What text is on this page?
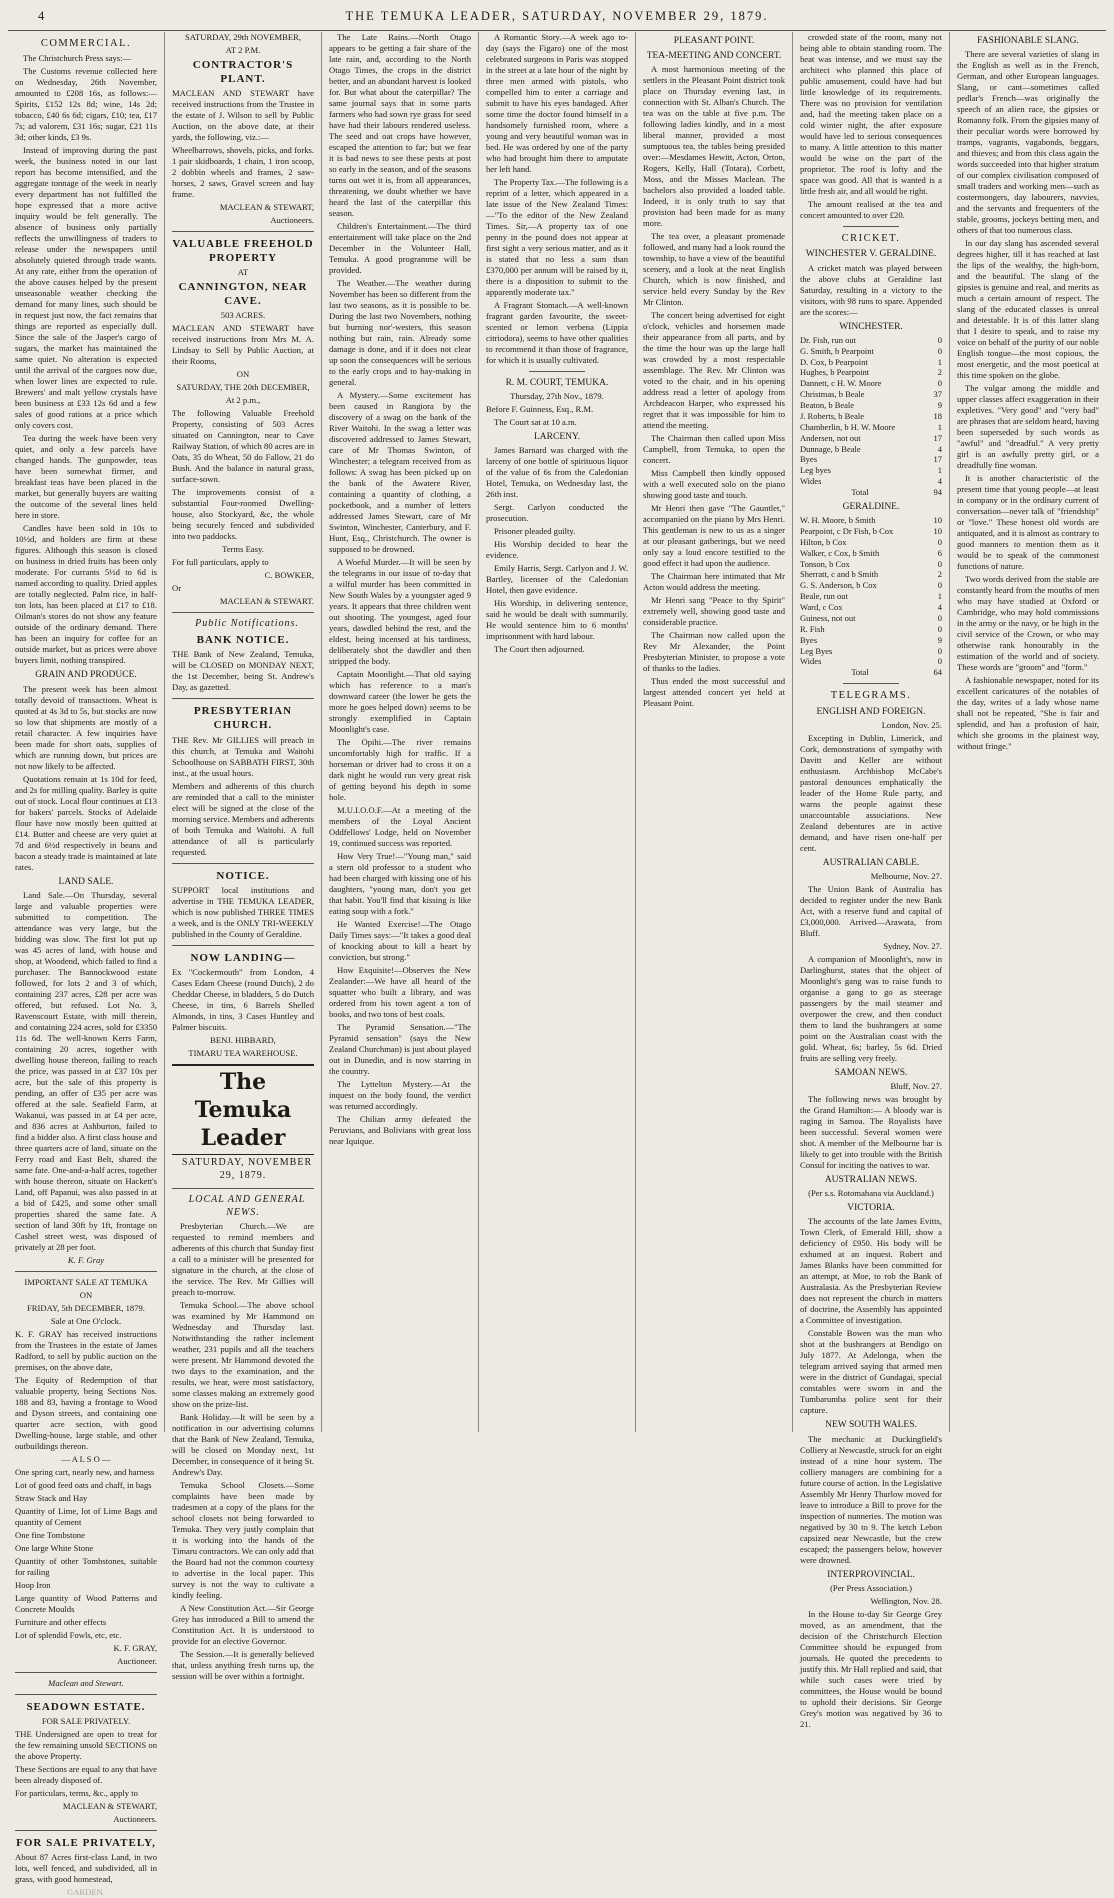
4	THE TEMUKA LEADER, SATURDAY, NOVEMBER 29, 1879.
COMMERCIAL.

The Christchurch Press says:—

The Customs revenue collected here on Wednesday, 26th November, amounted to £208 16s, as follows:—Spirits, £152 12s 8d; wine, 14s 2d; tobacco, £40 6s 6d; cigars, £10; tea, £17 7s; ad valorem, £31 16s; sugar, £21 11s 3d; other kinds, £3 9s.

Instead of improving during the past week, the business noted in our last report has become intensified, and the aggregate tonnage of the week in nearly every department has not fulfilled the hope expressed that a more active inquiry would be felt generally. The absence of business only partially reflects the unwillingness of traders to release under the newspapers until absolutely quieted through trade wants. At any rate, either from the operation of the above causes helped by the present unseasonable weather checking the demand for many lines, such should be in request just now, the fact remains that things are reported as especially dull. Since the sale of the Jasper's cargo of sugars, the market has maintained the same quiet. No alteration is expected until the arrival of the cargoes now due, when lower lines are expected to rule. Brewers' and malt yellow crystals have been business at £33 12s 6d and a few sales of good rations at a price which only covers cost.

Tea during the week have been very quiet, and only a few parcels have changed hands. The gunpowder, teas have been somewhat firmer, and breakfast teas have been placed in the market, but generally buyers are waiting the outcome of the several lines held here in store.

Candles have been sold in 10s to 10½d, and holders are firm at these figures. Although this season is closed on business in dried fruits has been only moderate. For currants 5½d to 6d is named according to quality. Dried apples are totally neglected. Palm rice, in half-ton lots, has been placed at £17 to £18. Oilman's stores do not show any feature outside of the ordinary demand. There has been an inquiry for coffee for an outside market, but as prices were above buyers limit, nothing transpired.

GRAIN AND PRODUCE.

The present week has been almost totally devoid of transactions. Wheat is quoted at 4s 3d to 5s, but stocks are now so low that shipments are mostly of a retail character. A few inquiries have been made for short oats, supplies of which are running down, but prices are not now likely to be affected.

Quotations remain at 1s 10d for feed, and 2s for milling quality. Barley is quite out of stock. Local flour continues at £13 for bakers' parcels. Stocks of Adelaide flour have now mostly been quitted at £14. Butter and cheese are very quiet at 7d and 6½d respectively in beans and bacon a steady trade is maintained at late rates.

LAND SALE.

Land Sale.—On Thursday, several large and valuable properties were submitted to competition. The attendance was very large, but the bidding was slow. The first lot put up was 45 acres of land, with house and shop, at Woodend, which failed to find a purchaser. The Bannockwood estate followed, for lots 2 and 3 of which, containing 237 acres, £28 per acre was offered, but refused. Lot No. 3, Ravenscourt Estate, with mill therein, and containing 224 acres, sold for £3350 11s 6d. The well-known Kerrs Farm, containing 20 acres, together with dwelling house thereon, failing to reach the price, was passed in at £37 10s per acre, but the sale of this property is pending, an offer of £35 per acre was offered at the sale. Seafield Farm, at Wakanui, was passed in at £4 per acre, and 836 acres at Ashburton, failed to find a bidder also. A first class house and three quarters acre of land, situate on the Ferry road and East Belt, shared the same fate. One-and-a-half acres, together with house thereon, situate on Hackett's Land, off Papanui, was also passed in at a bid of £425, and some other small properties shared the same fate. A section of land 30ft by 1ft, frontage on Cashel street west, was disposed of privately at 28 per foot.

K. F. Gray

IMPORTANT SALE AT TEMUKA

ON

FRIDAY, 5th DECEMBER, 1879.

Sale at One O'clock.

K. F. GRAY has received instructions from the Trustees in the estate of James Radford, to sell by public auction on the premises, on the above date,

The Equity of Redemption of that valuable property, being Sections Nos. 188 and 83, having a frontage to Wood and Dyson streets, and containing one quarter acre section, with good Dwelling-house, large stable, and other outbuildings thereon.

— A L S O —

One spring cart, nearly new, and harness

Lot of good feed oats and chaff, in bags

Straw Stack and Hay

Quantity of Lime, lot of Lime Bags and quantity of Cement

One fine Tombstone

One large White Stone

Quantity of other Tombstones, suitable for railing

Hoop Iron

Large quantity of Wood Patterns and Concrete Moulds

Furniture and other effects

Lot of splendid Fowls, etc, etc.

K. F. GRAY,

Auctioneer.

Maclean and Stewart.

SEADOWN ESTATE.

FOR SALE PRIVATELY.

THE Undersigned are open to treat for the few remaining unsold SECTIONS on the above Property.

These Sections are equal to any that have been already disposed of.

For particulars, terms, &c., apply to

MACLEAN & STEWART,

Auctioneers.

FOR SALE PRIVATELY,

About 87 Acres first-class Land, in two lots, well fenced, and subdivided, all in grass, with good homestead,

GARDEN.

SATURDAY, 29th NOVEMBER,

AT 2 P.M.

CONTRACTOR'S PLANT.

MACLEAN AND STEWART have received instructions from the Trustee in the estate of J. Wilson to sell by Public Auction, on the above date, at their yards, the following, viz.:—

Wheelbarrows, shovels, picks, and forks. 1 pair skidboards, 1 chain, 1 iron scoop, 2 dobbin wheels and frames, 2 saw-horses, 2 saws, Gravel screen and hay frame.

MACLEAN & STEWART,

Auctioneers.

VALUABLE FREEHOLD PROPERTY

AT

CANNINGTON, NEAR CAVE.

503 ACRES.

MACLEAN AND STEWART have received instructions from Mrs M. A. Lindsay to Sell by Public Auction, at their Rooms,

ON

SATURDAY, THE 20th DECEMBER,

At 2 p.m.,

The following Valuable Freehold Property, consisting of 503 Acres situated on Cannington, near to Cave Railway Station, of which 80 acres are in Oats, 35 do Wheat, 50 do Fallow, 21 do Bush. And the balance in natural grass, surface-sown.

The improvements consist of a substantial Four-roomed Dwelling-house, also Stockyard, &c, the whole being securely fenced and subdivided into two paddocks.

Terms Easy.

For full particulars, apply to

C. BOWKER,

Or

MACLEAN & STEWART.

Public Notifications.

BANK NOTICE.

THE Bank of New Zealand, Temuka, will be CLOSED on MONDAY NEXT, the 1st December, being St. Andrew's Day, as gazetted.

PRESBYTERIAN CHURCH.

THE Rev. Mr GILLIES will preach in this church, at Temuka and Waitohi Schoolhouse on SABBATH FIRST, 30th inst., at the usual hours.

Members and adherents of this church are reminded that a call to the minister elect will be signed at the close of the morning service. Members and adherents of both Temuka and Waitohi. A full attendance of all is particularly requested.

NOTICE.

SUPPORT local institutions and advertise in THE TEMUKA LEADER, which is now published THREE TIMES a week, and is the ONLY TRI-WEEKLY published in the County of Geraldine.

NOW LANDING—

Ex "Cockermouth" from London, 4 Cases Edam Cheese (round Dutch), 2 do Cheddar Cheese, in bladders, 5 do Dutch Cheese, in tins, 6 Barrels Shelled Almonds, in tins, 3 Cases Huntley and Palmer biscuits.

BENJ. HIBBARD,

TIMARU TEA WAREHOUSE.

The Temuka Leader

SATURDAY, NOVEMBER 29, 1879.

LOCAL AND GENERAL NEWS.

Presbyterian Church.—We are requested to remind members and adherents of this church that Sunday first a call to a minister will be presented for signature in the church, at the close of the service. The Rev. Mr Gillies will preach to-morrow.

Temuka School.—The above school was examined by Mr Hammond on Wednesday and Thursday last. Notwithstanding the rather inclement weather, 231 pupils and all the teachers were present. Mr Hammond devoted the two days to the examination, and the results, we hear, were most satisfactory, some classes making an extremely good show on the prize-list.

Bank Holiday.—It will be seen by a notification in our advertising columns that the Bank of New Zealand, Temuka, will be closed on Monday next, 1st December, in consequence of it being St. Andrew's Day.

Temuka School Closets.—Some complaints have been made by tradesmen at a copy of the plans for the school closets not being forwarded to Temuka. They very justly complain that it is working into the hands of the Timaru contractors. We can only add that the Board had not the common courtesy to advertise in the local paper. This survey is not the way to cultivate a kindly feeling.

A New Constitution Act.—Sir George Grey has introduced a Bill to amend the Constitution Act. It is understood to provide for an elective Governor.

The Session.—It is generally believed that, unless anything fresh turns up, the session will be over within a fortnight.

The Late Rains.—North Otago appears to be getting a fair share of the late rain, and, according to the North Otago Times, the crops in the district better, and an abundant harvest is looked for. But what about the caterpillar? The same journal says that in some parts farmers who had sown rye grass for seed have had their labours rendered useless. The seed and oat crops have however, escaped the attention to far; but we fear it is bad news to see these pests at post so early in the season, and of the seasons turns out wet it is, from all appearances, threatening, we doubt whether we have heard the last of the caterpillar this season.

Children's Entertainment.—The third entertainment will take place on the 2nd December in the Volunteer Hall, Temuka. A good programme will be provided.

The Weather.—The weather during November has been so different from the last two seasons, as it is possible to be. During the last two Novembers, nothing but burning nor'-westers, this season nothing but rain, rain. Already some damage is done, and if it does not clear up soon the consequences will be serious to the early crops and to hay-making in general.

A Mystery.—Some excitement has been caused in Rangiora by the discovery of a swag on the bank of the River Waitohi. In the swag a letter was discovered addressed to James Stewart, care of Mr Thomas Swinton, of Winchester; a telegram received from as follows: A swag has been picked up on the bank of the Awatere River, containing a quantity of clothing, a pocketbook, and a number of letters addressed James Stewart, care of Mr Swinton, Winchester, Canterbury, and F. Hunt, Esq., Christchurch. The owner is supposed to be drowned.

A Woeful Murder.—It will be seen by the telegrams in our issue of to-day that a wilful murder has been committed in New South Wales by a youngster aged 9 years. It appears that three children went out shooting. The youngest, aged four years, dawdled behind the rest, and the eldest, being incensed at his tardiness, deliberately shot the dawdler and then stripped the body.

Captain Moonlight.—That old saying which has reference to a man's downward career (the lower he gets the more he goes helped down) seems to be strongly exemplified in Captain Moonlight's case.

The Opihi.—The river remains uncomfortably high for traffic. If a horseman or driver had to cross it on a dark night he would run very great risk of getting beyond his depth in some hole.

M.U.I.O.O.F.—At a meeting of the members of the Loyal Ancient Oddfellows' Lodge, held on November 19, continued success was reported.

How Very True!—"Young man," said a stern old professor to a student who had been charged with kissing one of his daughters, "young man, don't you get that habit. You'll find that kissing is like eating soup with a fork."

He Wanted Exercise!—The Otago Daily Times says:—"It takes a good deal of knocking about to kill a heart by conviction, but strong."

How Exquisite!—Observes the New Zealander:—We have all heard of the squatter who built a library, and was ordered from his town agent a ton of books, and two tons of best coals.

The Pyramid Sensation.—"The Pyramid sensation" (says the New Zealand Churchman) is just about played out in Dunedin, and is now starring in the country.

The Lyttelton Mystery.—At the inquest on the body found, the verdict was returned accordingly.

The Chilian army defeated the Peruvians, and Bolivians with great loss near Iquique.

A Romantic Story.—A week ago to-day (says the Figaro) one of the most celebrated surgeons in Paris was stopped in the street at a late hour of the night by three men armed with pistols, who compelled him to enter a carriage and submit to have his eyes bandaged. After some time the doctor found himself in a handsomely furnished room, where a young and very beautiful woman was in bed. He was ordered by one of the party who had brought him there to amputate her left hand.

The Property Tax.—The following is a reprint of a letter, which appeared in a late issue of the New Zealand Times:—"To the editor of the New Zealand Times. Sir,—A property tax of one penny in the pound does not appear at first sight a very serious matter, and as it is stated that no less a sum than £370,000 per annum will be raised by it, there is a disposition to submit to the apparently moderate tax."

A Fragrant Stomach.—A well-known fragrant garden favourite, the sweet-scented or lemon verbena (Lippia citriodora), seems to have other qualities to recommend it than those of fragrance, for which it is usually cultivated.

R. M. COURT, TEMUKA.

Thursday, 27th Nov., 1879.

Before F. Guinness, Esq., R.M.

The Court sat at 10 a.m.

LARCENY.

James Barnard was charged with the larceny of one bottle of spirituous liquor of the value of 6s from the Caledonian Hotel, Temuka, on Wednesday last, the 26th inst.

Sergt. Carlyon conducted the prosecution.

Prisoner pleaded guilty.

His Worship decided to hear the evidence.

Emily Harris, Sergt. Carlyon and J. W. Bartley, licensee of the Caledonian Hotel, then gave evidence.

His Worship, in delivering sentence, said he would be dealt with summarily. He would sentence him to 6 months' imprisonment with hard labour.

The Court then adjourned.

PLEASANT POINT.
TEA-MEETING AND CONCERT.

A most harmonious meeting of the settlers in the Pleasant Point district took place on Thursday evening last, in connection with St. Alban's Church. The tea was on the table at five p.m. The following ladies kindly, and in a most liberal manner, provided a most sumptuous tea, the tables being presided over:—Mesdames Hewitt, Acton, Orton, Rogers, Kelly, Hall (Totara), Corbett, Moss, and the Misses Maclean. The bachelors also provided a loaded table. Indeed, it is only truth to say that provision had been made for as many more.

The tea over, a pleasant promenade followed, and many had a look round the township, to have a view of the beautiful scenery, and a look at the neat English Church, which is now finished, and service held every Sunday by the Rev Mr Clinton.

The concert being advertised for eight o'clock, vehicles and horsemen made their appearance from all parts, and by the time the hour was up the large hall was crowded by a most respectable assemblage. The Rev. Mr Clinton was voted to the chair, and in his opening address read a letter of apology from Archdeacon Harper, who expressed his regret that it was impossible for him to attend the meeting.

The Chairman then called upon Miss Campbell, from Temuka, to open the concert.

Miss Campbell then kindly opposed with a well executed solo on the piano showing good taste and touch.

Mr Henri then gave "The Gauntlet," accompanied on the piano by Mrs Henri. This gentleman is new to us as a singer at our pleasant gatherings, but we need only say a loud encore testified to the good effect it had upon the audience.

The Chairman here intimated that Mr Acton would address the meeting.

Mr Henri sang "Peace to thy Spirit" extremely well, showing good taste and considerable practice.

The Chairman now called upon the Rev Mr Alexander, the Point Presbyterian Minister, to propose a vote of thanks to the ladies.

Thus ended the most successful and largest attended concert yet held at Pleasant Point.

crowded state of the room, many not being able to obtain standing room. The heat was intense, and we must say the architect who planned this place of public amusement, could have had but little knowledge of its requirements. There was no provision for ventilation and, had the meeting taken place on a cold winter night, the after exposure would have led to serious consequences to many. A little attention to this matter would be wise on the part of the proprietor. The roof is lofty and the space was good. All that is wanted is a little fresh air, and all would be right.

The amount realised at the tea and concert amounted to over £20.

CRICKET.
WINCHESTER V. GERALDINE.

A cricket match was played between the above clubs at Geraldine last Saturday, resulting in a victory to the visitors, with 98 runs to spare. Appended are the scores:—

WINCHESTER.
Dr. Fish, run out	0
G. Smith, b Pearpoint	0
D. Cox, b Pearpoint	1
Hughes, b Pearpoint	2
Dannett, c H. W. Moore	0
Christmas, b Beale	37
Beaton, b Beale	9
J. Roberts, b Beale	18
Chamberlin, b H. W. Moore	1
Andersen, not out	17
Dunnage, b Beale	4
Byes	17
Leg byes	1
Wides	4
Total	94
GERALDINE.
W. H. Moore, b Smith	10
Pearpoint, c Dr Fish, b Cox	10
Hilton, b Cox	0
Walker, c Cox, b Smith	6
Tonson, b Cox	0
Sherratt, c and b Smith	2
G. S. Anderson, b Cox	0
Beale, run out	1
Ward, c Cox	4
Guiness, not out	0
R. Fish	0
Byes	9
Leg Byes	0
Wides	0
Total	64
TELEGRAMS.
ENGLISH AND FOREIGN.

London, Nov. 25.

Excepting in Dublin, Limerick, and Cork, demonstrations of sympathy with Davitt and Keller are without enthusiasm. Archbishop McCabe's pastoral denounces emphatically the leader of the Home Rule party, and warns the people against these unaccountable associations. New Zealand debentures are in active demand, and have risen one-half per cent.

AUSTRALIAN CABLE.

Melbourne, Nov. 27.

The Union Bank of Australia has decided to register under the new Bank Act, with a reserve fund and capital of £3,000,000. Arrived—Arawata, from Bluff.

Sydney, Nov. 27.

A companion of Moonlight's, now in Darlinghurst, states that the object of Moonlight's gang was to raise funds to organise a gang to go as steerage passengers by the mail steamer and overpower the crew, and then conduct them to land the bushrangers at some point on the Australian coast with the gold. Wheat, 6s; barley, 5s 6d. Dried fruits are selling very freely.

SAMOAN NEWS.

Bluff, Nov. 27.

The following news was brought by the Grand Hamilton:— A bloody war is raging in Samoa. The Royalists have been successful. Several women were shot. A member of the Melbourne bar is likely to get into trouble with the British Consul for inciting the natives to war.

AUSTRALIAN NEWS.

(Per s.s. Rotomahana via Auckland.)

VICTORIA.

The accounts of the late James Evitts, Town Clerk, of Emerald Hill, show a deficiency of £950. His body will be exhumed at an inquest. Robert and James Blanks have been committed for an attempt, at Moe, to rob the Bank of Australasia. As the Presbyterian Review does not represent the church in matters of doctrine, the Assembly has appointed a Committee of investigation.

Constable Bowen was the man who shot at the bushrangers at Bendigo on July 1877. At Adelonga, when the telegram arrived saying that armed men were in the district of Gundagai, special constables were sworn in and the Tumbarumba police sent for their capture.

NEW SOUTH WALES.

The mechanic at Duckingfield's Colliery at Newcastle, struck for an eight instead of a nine hour system. The colliery managers are combining for a future course of action. In the Legislative Assembly Mr Henry Thurlow moved for leave to introduce a Bill to prove for the inspection of nunneries. The motion was negatived by 30 to 9. The ketch Lebon capsized near Newcastle, but the crew escaped; the passengers below, however were drowned.

INTERPROVINCIAL.

(Per Press Association.)

Wellington, Nov. 28.

In the House to-day Sir George Grey moved, as an amendment, that the decision of the Christchurch Election Committee should be expunged from journals. He quoted the precedents to justify this. Mr Hall replied and said, that while such cases were tried by committees, the House would be bound to uphold their decisions. Sir George Grey's motion was negatived by 36 to 21.

FASHIONABLE SLANG.

There are several varieties of slang in the English as well as in the French, German, and other European languages. Slang, or cant—sometimes called pedlar's French—was originally the speech of an alien race, the gipsies or Romanny folk. From the gipsies many of their peculiar words were borrowed by tramps, vagrants, vagabonds, beggars, and thieves; and from this class again the words succeeded into that higher stratum of our complex civilisation composed of small traders and working men—such as costermongers, day labourers, navvies, and the servants and frequenters of the stable, grooms, jockeys betting men, and others of that too numerous class.

In our day slang has ascended several degrees higher, till it has reached at last the lips of the wealthy, the high-born, and the beautiful. The slang of the gipsies is genuine and real, and merits as much a certain amount of respect. The slang of the educated classes is unreal and detestable. It is of this latter slang that I desire to speak, and to raise my voice on behalf of the purity of our noble English tongue—the most copious, the most energetic, and the most poetical at this time spoken on the globe.

The vulgar among the middle and upper classes affect exaggeration in their expletives. "Very good" and "very bad" are phrases that are seldom heard, having been superseded by such words as "awful" and "dreadful." A very pretty girl is an awfully pretty girl, or a dreadfully fine woman.

It is another characteristic of the present time that young people—at least in company or in the ordinary current of conversation—never talk of "friendship" or "love." These honest old words are antiquated, and it is almost as contrary to good manners to mention them as it would be to speak of the commonest functions of nature.

Two words derived from the stable are constantly heard from the mouths of men who may have studied at Oxford or Cambridge, who may hold commissions in the army or the navy, or be high in the civil service of the Crown, or who may otherwise rank honourably in the estimation of the world and of society. These words are "groom" and "form."

A fashionable newspaper, noted for its excellent caricatures of the notables of the day, writes of a lady whose name shall not be repeated, "She is fair and splendid, and has a profusion of hair, which she grooms in the plainest way, without fringe."
